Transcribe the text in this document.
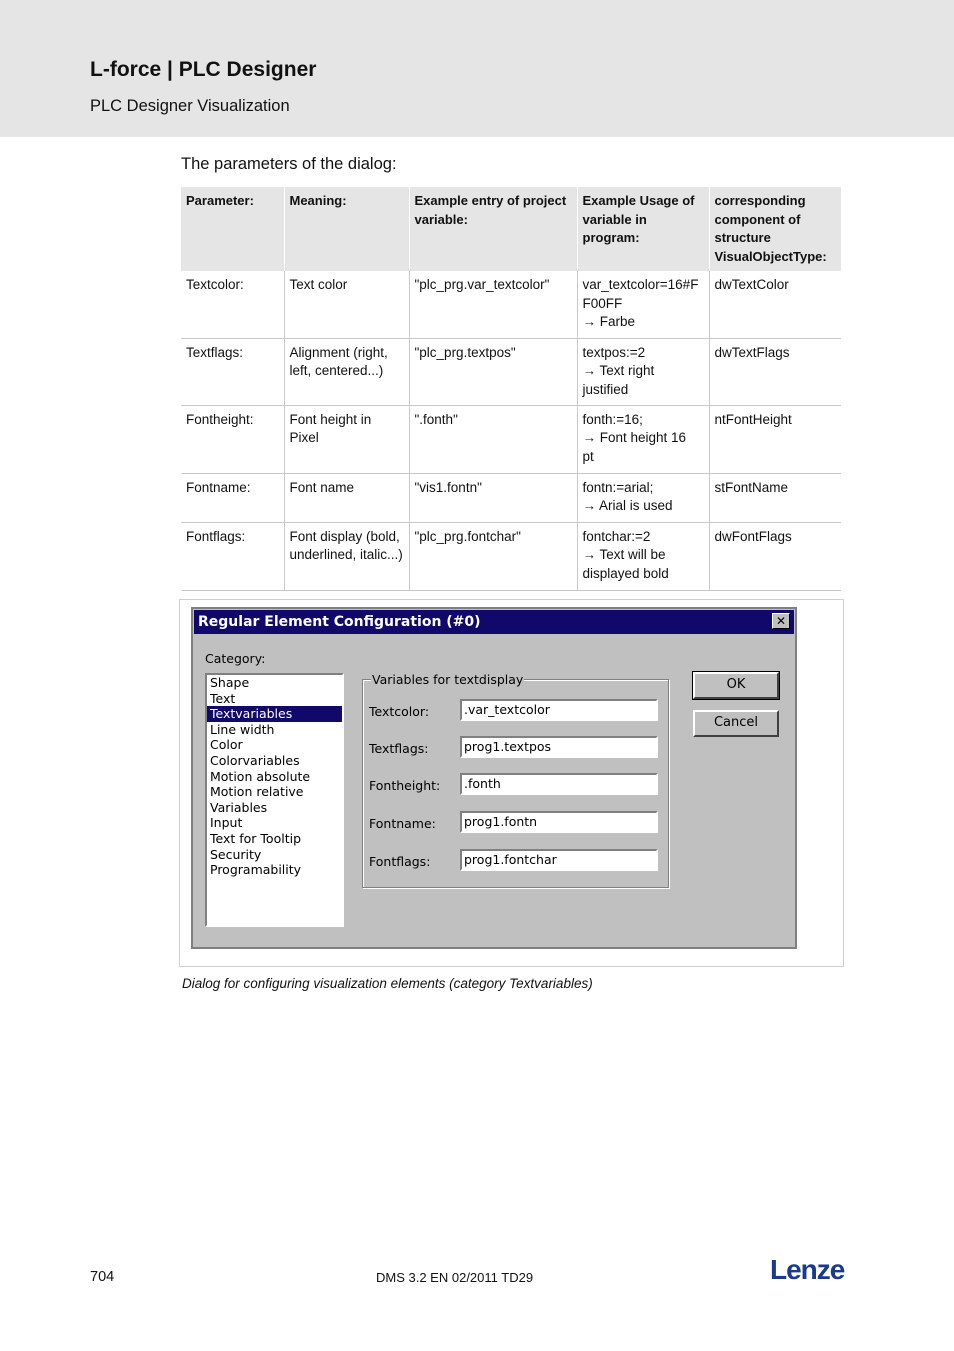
L-force | PLC Designer
PLC Designer Visualization
The parameters of the dialog:
Parameter:	Meaning:	Example entry of project variable:	Example Usage of variable in program:	corresponding component of structure VisualObjectType:
Textcolor:	Text color	"plc_prg.var_textcolor"	var_textcolor=16#F
F00FF
→ Farbe	dwTextColor
Textflags:	Alignment (right, left, centered...)	"plc_prg.textpos"	textpos:=2
→ Text right
justified	dwTextFlags
Fontheight:	Font height in Pixel	".fonth"	fonth:=16;
→ Font height 16
pt	ntFontHeight
Fontname:	Font name	"vis1.fontn"	fontn:=arial;
→ Arial is used	stFontName
Fontflags:	Font display (bold, underlined, italic...)	"plc_prg.fontchar"	fontchar:=2
→ Text will be
displayed bold	dwFontFlags
Regular Element Configuration (#0)	✕
Category:
Shape
Text
Textvariables
Line width
Color
Colorvariables
Motion absolute
Motion relative
Variables
Input
Text for Tooltip
Security
Programability
Variables for textdisplay
Textcolor:	.var_textcolor
Textflags:	prog1.textpos
Fontheight:	.fonth
Fontname:	prog1.fontn
Fontflags:	prog1.fontchar
OK
Cancel
Dialog for configuring visualization elements (category Textvariables)
704	DMS 3.2 EN 02/2011 TD29	Lenze
